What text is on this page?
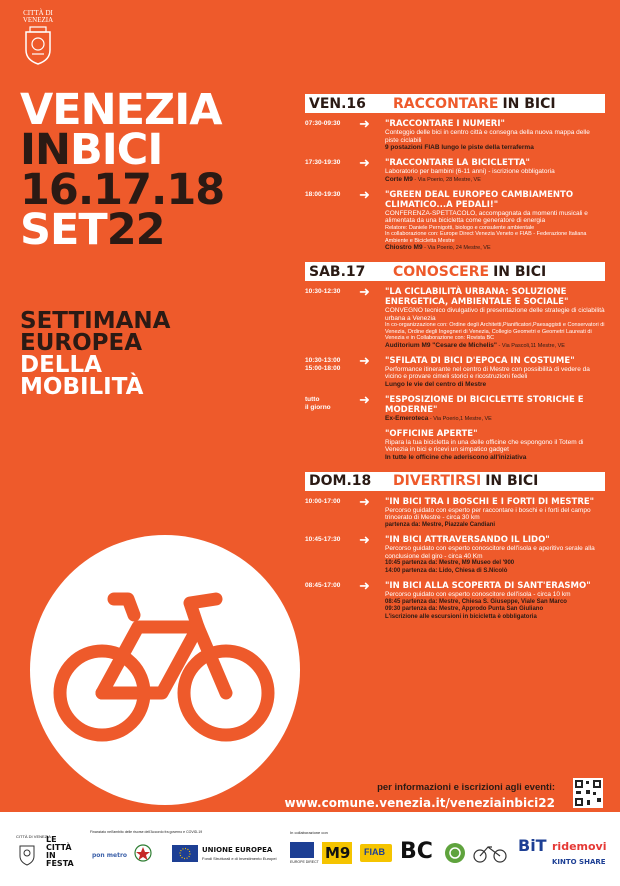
CITTÀ DI VENEZIA
VENEZIA
INBICI
16.17.18
SET22
SETTIMANA
EUROPEA
DELLA
MOBILITÀ
VEN.16	RACCONTARE IN BICI
07:30-09:30	➜	"RACCONTARE I NUMERI"
Conteggio delle bici in centro città e consegna della nuova mappa delle piste ciclabili
9 postazioni FIAB lungo le piste della terraferma
17:30-19:30	➜	"RACCONTARE LA BICICLETTA"
Laboratorio per bambini (6-11 anni) - iscrizione obbligatoria
Corte M9 - Via Poerio, 28 Mestre, VE
18:00-19:30	➜	"GREEN DEAL EUROPEO CAMBIAMENTO CLIMATICO...A PEDALI!"
CONFERENZA-SPETTACOLO, accompagnata da momenti musicali e alimentata da una bicicletta come generatore di energia
Relatore: Daniele Pernigotti, biologo e consulente ambientale
In collaborazione con: Europe Direct Venezia Veneto e FIAB - Federazione Italiana Ambiente e Bicicletta Mestre
Chiostro M9 - Via Poerio, 24 Mestre, VE
SAB.17	CONOSCERE IN BICI
10:30-12:30	➜	"LA CICLABILITÀ URBANA: SOLUZIONE ENERGETICA, AMBIENTALE E SOCIALE"
CONVEGNO tecnico divulgativo di presentazione delle strategie di ciclabilità urbana a Venezia
In co-organizzazione con: Ordine degli Architetti,Pianificatori,Paesaggisti e Conservatori di Venezia, Ordine degli Ingegneri di Venezia, Collegio Geometri e Geometri Laureati di Venezia e in Collaborazione con: Rovista BC
Auditorium M9 "Cesare de Michelis" - Via Pascoli,11 Mestre, VE
10:30-13:00
15:00-18:00
➜	"SFILATA DI BICI D'EPOCA IN COSTUME"
Performance itinerante nel centro di Mestre con possibilità di vedere da vicino e provare cimeli storici e ricostruzioni fedeli
Lungo le vie del centro di Mestre
tutto
il giorno
➜	"ESPOSIZIONE DI BICICLETTE STORICHE E MODERNE"
Ex-Emeroteca - Via Poerio,1 Mestre, VE
"OFFICINE APERTE"
Ripara la tua bicicletta in una delle officine che espongono il Totem di Venezia in bici e ricevi un simpatico gadget
In tutte le officine che aderiscono all'iniziativa
DOM.18	DIVERTIRSI IN BICI
10:00-17:00	➜	"IN BICI TRA I BOSCHI E I FORTI DI MESTRE"
Percorso guidato con esperto per raccontare i boschi e i forti del campo trincerato di Mestre - circa 30 km
partenza da: Mestre, Piazzale Candiani
10:45-17:30	➜	"IN BICI ATTRAVERSANDO IL LIDO"
Percorso guidato con esperto conoscitore dell'isola e aperitivo serale alla conclusione del giro - circa 40 Km
10:45 partenza da: Mestre, M9 Museo del '900
14:00 partenza da: Lido, Chiesa di S.Nicolò
08:45-17:00	➜	"IN BICI ALLA SCOPERTA DI SANT'ERASMO"
Percorso guidato con esperto conoscitore dell'isola - circa 10 km
08:45 partenza da: Mestre, Chiesa S. Giuseppe, Viale San Marco
09:30 partenza da: Mestre, Approdo Punta San Giuliano
L'iscrizione alle escursioni in bicicletta è obbligatoria
per informazioni e iscrizioni agli eventi:
www.comune.venezia.it/veneziainbici22
CITTÀ DI VENEZIA
LE CITTÀ IN FESTA
Finanziato nell'ambito delle risorse dell'Accordo fra governo e COVID-19
pon metro
UNIONE EUROPEA
Fondi Strutturali e di Investimento Europei
In collaborazione con
EUROPE DIRECT M9 FIAB BC	BiT ridemovi
KINTO SHARE
